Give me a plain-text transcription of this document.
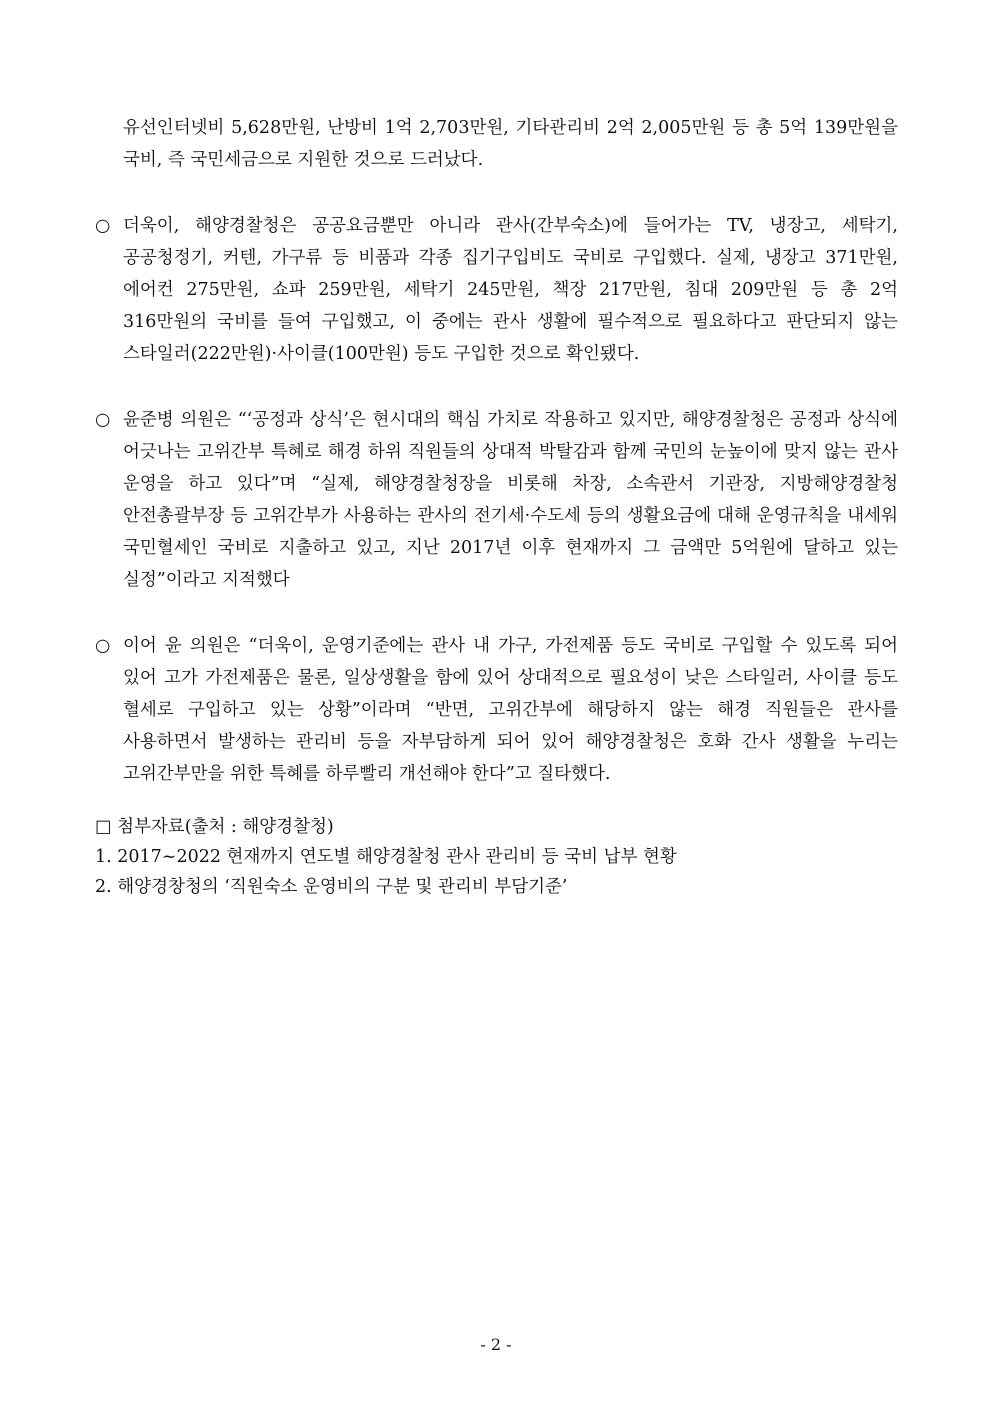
유선인터넷비 5,628만원, 난방비 1억 2,703만원, 기타관리비 2억 2,005만원 등 총 5억 139만원을 국비, 즉 국민세금으로 지원한 것으로 드러났다.
○ 더욱이, 해양경찰청은 공공요금뿐만 아니라 관사(간부숙소)에 들어가는 TV, 냉장고, 세탁기, 공공청정기, 커텐, 가구류 등 비품과 각종 집기구입비도 국비로 구입했다. 실제, 냉장고 371만원, 에어컨 275만원, 쇼파 259만원, 세탁기 245만원, 책장 217만원, 침대 209만원 등 총 2억 316만원의 국비를 들여 구입했고, 이 중에는 관사 생활에 필수적으로 필요하다고 판단되지 않는 스타일러(222만원)·사이클(100만원) 등도 구입한 것으로 확인됐다.
○ 윤준병 의원은 “‘공정과 상식’은 현시대의 핵심 가치로 작용하고 있지만, 해양경찰청은 공정과 상식에 어긋나는 고위간부 특혜로 해경 하위 직원들의 상대적 박탈감과 함께 국민의 눈높이에 맞지 않는 관사 운영을 하고 있다”며 “실제, 해양경찰청장을 비롯해 차장, 소속관서 기관장, 지방해양경찰청 안전총괄부장 등 고위간부가 사용하는 관사의 전기세·수도세 등의 생활요금에 대해 운영규칙을 내세워 국민혈세인 국비로 지출하고 있고, 지난 2017년 이후 현재까지 그 금액만 5억원에 달하고 있는 실정”이라고 지적했다
○ 이어 윤 의원은 “더욱이, 운영기준에는 관사 내 가구, 가전제품 등도 국비로 구입할 수 있도록 되어 있어 고가 가전제품은 물론, 일상생활을 함에 있어 상대적으로 필요성이 낮은 스타일러, 사이클 등도 혈세로 구입하고 있는 상황”이라며 “반면, 고위간부에 해당하지 않는 해경 직원들은 관사를 사용하면서 발생하는 관리비 등을 자부담하게 되어 있어 해양경찰청은 호화 간사 생활을 누리는 고위간부만을 위한 특혜를 하루빨리 개선해야 한다”고 질타했다.
□ 첨부자료(출처 : 해양경찰청)
1. 2017~2022 현재까지 연도별 해양경찰청 관사 관리비 등 국비 납부 현황
2. 해양경창청의 ‘직원숙소 운영비의 구분 및 관리비 부담기준’
- 2 -
